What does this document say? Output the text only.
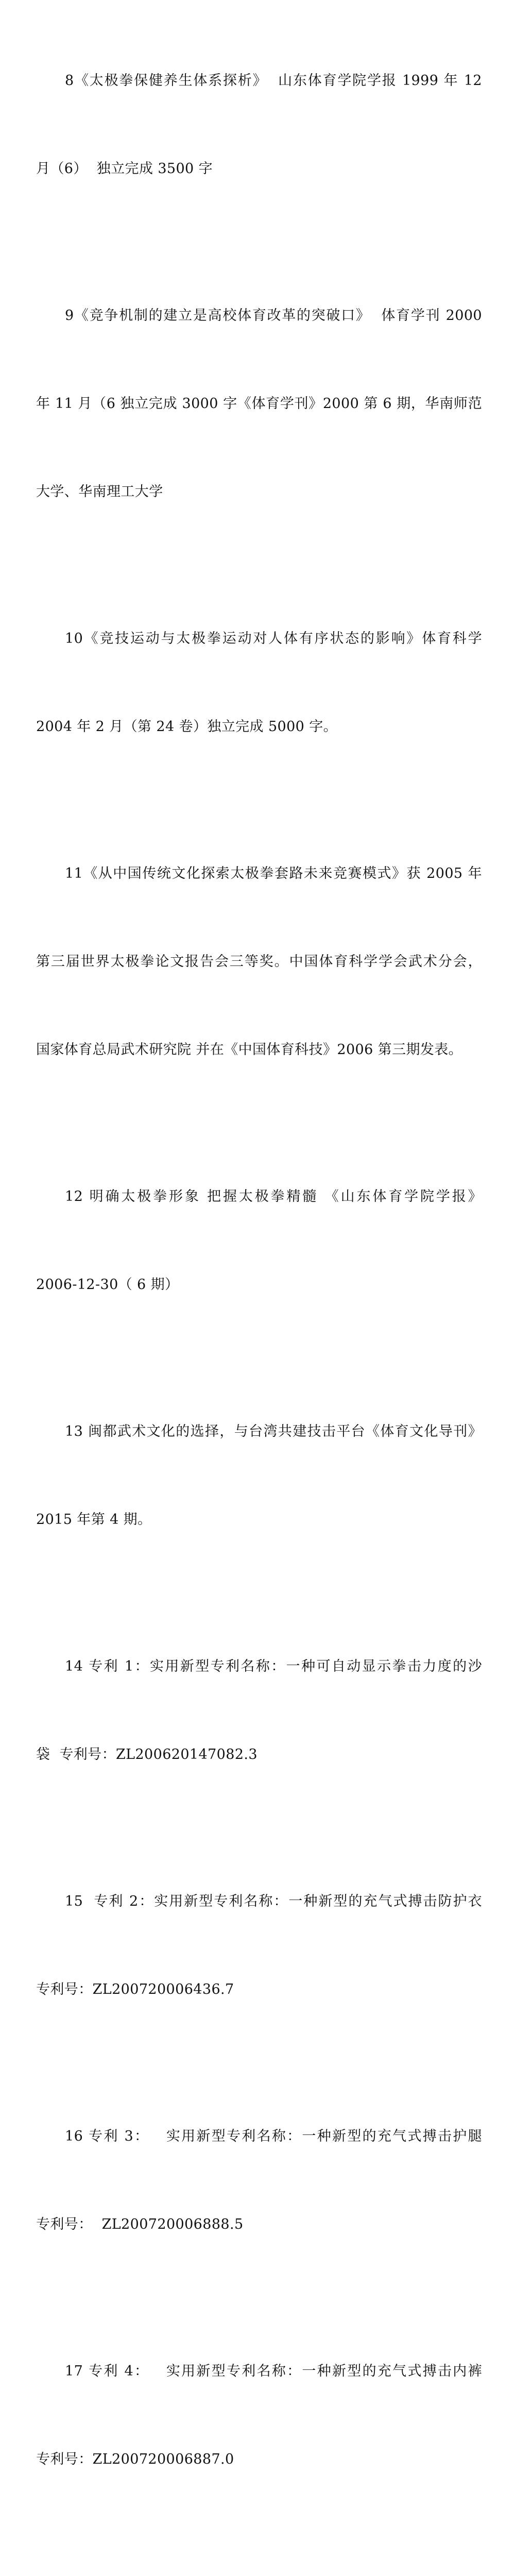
8《太极拳保健养生体系探析》  山东体育学院学报 1999 年 12

月（6）  独立完成 3500 字

9《竞争机制的建立是高校体育改革的突破口》  体育学刊 2000

年 11 月（6 独立完成 3000 字《体育学刊》2000 第 6 期，华南师范

大学、华南理工大学

10《竞技运动与太极拳运动对人体有序状态的影响》体育科学

2004 年 2 月（第 24 卷）独立完成 5000 字。

11《从中国传统文化探索太极拳套路未来竞赛模式》获 2005 年

第三届世界太极拳论文报告会三等奖。中国体育科学学会武术分会，

国家体育总局武术研究院 并在《中国体育科技》2006 第三期发表。

12 明确太极拳形象 把握太极拳精髓 《山东体育学院学报》

2006-12-30（ 6 期）

13 闽都武术文化的选择，与台湾共建技击平台《体育文化导刊》

2015 年第 4 期。

14 专利 1：实用新型专利名称：一种可自动显示拳击力度的沙

袋  专利号：ZL200620147082.3

15  专利 2：实用新型专利名称：一种新型的充气式搏击防护衣

专利号：ZL200720006436.7

16 专利 3：   实用新型专利名称：一种新型的充气式搏击护腿

专利号：  ZL200720006888.5

17 专利 4：   实用新型专利名称：一种新型的充气式搏击内裤

专利号：ZL200720006887.0
